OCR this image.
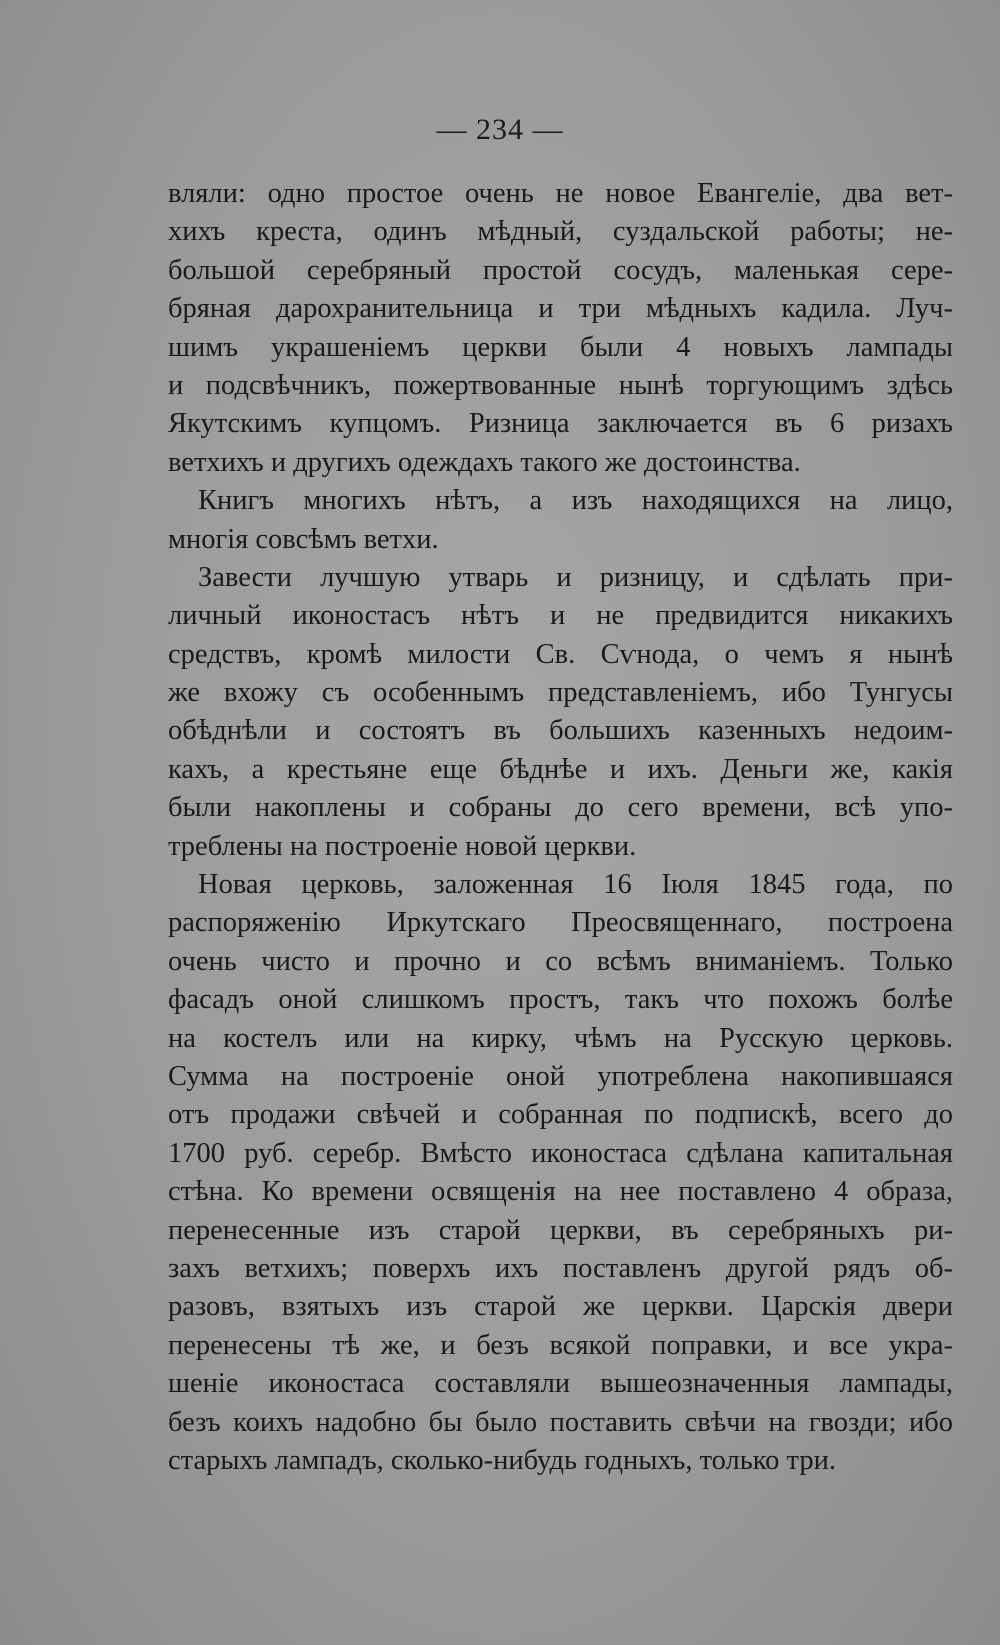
— 234 —
вляли: одно простое очень не новое Евангеліе, два вет-
хихъ креста, одинъ мѣдный, суздальской работы; не-
большой серебряный простой сосудъ, маленькая сере-
бряная дарохранительница и три мѣдныхъ кадила. Луч-
шимъ украшеніемъ церкви были 4 новыхъ лампады
и подсвѣчникъ, пожертвованные нынѣ торгующимъ здѣсь
Якутскимъ купцомъ. Ризница заключается въ 6 ризахъ
ветхихъ и другихъ одеждахъ такого же достоинства.
Книгъ многихъ нѣтъ, а изъ находящихся на лицо,
многія совсѣмъ ветхи.
Завести лучшую утварь и ризницу, и сдѣлать при-
личный иконостасъ нѣтъ и не предвидится никакихъ
средствъ, кромѣ милости Св. Сѵнода, о чемъ я нынѣ
же вхожу съ особеннымъ представленіемъ, ибо Тунгусы
обѣднѣли и состоятъ въ большихъ казенныхъ недоим-
кахъ, а крестьяне еще бѣднѣе и ихъ. Деньги же, какія
были накоплены и собраны до сего времени, всѣ упо-
треблены на построеніе новой церкви.
Новая церковь, заложенная 16 Іюля 1845 года, по
распоряженію Иркутскаго Преосвященнаго, построена
очень чисто и прочно и со всѣмъ вниманіемъ. Только
фасадъ оной слишкомъ простъ, такъ что похожъ болѣе
на костелъ или на кирку, чѣмъ на Русскую церковь.
Сумма на построеніе оной употреблена накопившаяся
отъ продажи свѣчей и собранная по подпискѣ, всего до
1700 руб. серебр. Вмѣсто иконостаса сдѣлана капитальная
стѣна. Ко времени освященія на нее поставлено 4 образа,
перенесенные изъ старой церкви, въ серебряныхъ ри-
захъ ветхихъ; поверхъ ихъ поставленъ другой рядъ об-
разовъ, взятыхъ изъ старой же церкви. Царскія двери
перенесены тѣ же, и безъ всякой поправки, и все укра-
шеніе иконостаса составляли вышеозначенныя лампады,
безъ коихъ надобно бы было поставить свѣчи на гвозди; ибо
старыхъ лампадъ, сколько-нибудь годныхъ, только три.
